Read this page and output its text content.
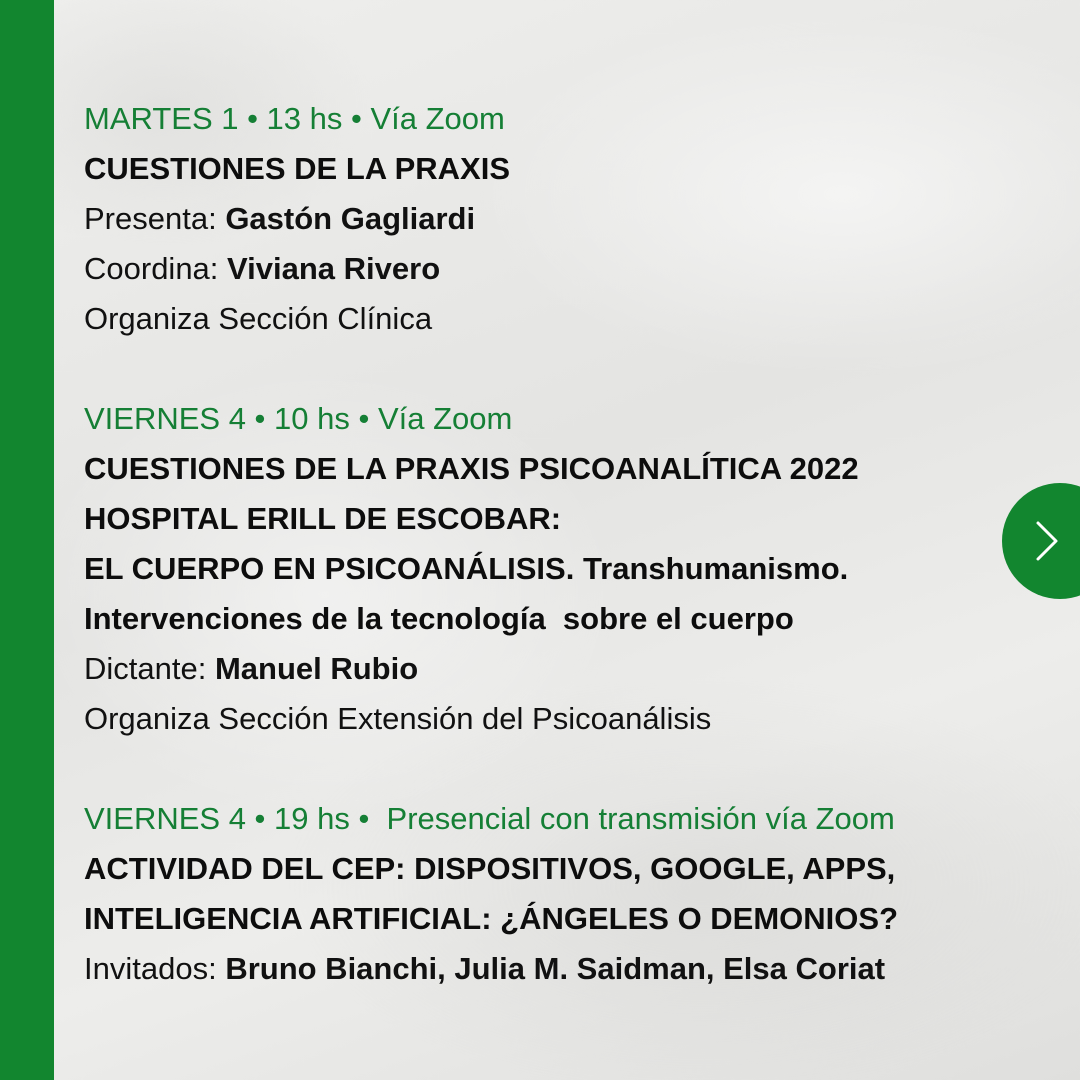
MARTES 1 • 13 hs • Vía Zoom
CUESTIONES DE LA PRAXIS
Presenta: Gastón Gagliardi
Coordina: Viviana Rivero
Organiza Sección Clínica
VIERNES 4 • 10 hs • Vía Zoom
CUESTIONES DE LA PRAXIS PSICOANALÍTICA 2022
HOSPITAL ERILL DE ESCOBAR:
EL CUERPO EN PSICOANÁLISIS. Transhumanismo.
Intervenciones de la tecnología  sobre el cuerpo
Dictante: Manuel Rubio
Organiza Sección Extensión del Psicoanálisis
VIERNES 4 • 19 hs •  Presencial con transmisión vía Zoom
ACTIVIDAD DEL CEP: DISPOSITIVOS, GOOGLE, APPS,
INTELIGENCIA ARTIFICIAL: ¿ÁNGELES O DEMONIOS?
Invitados: Bruno Bianchi, Julia M. Saidman, Elsa Coriat
